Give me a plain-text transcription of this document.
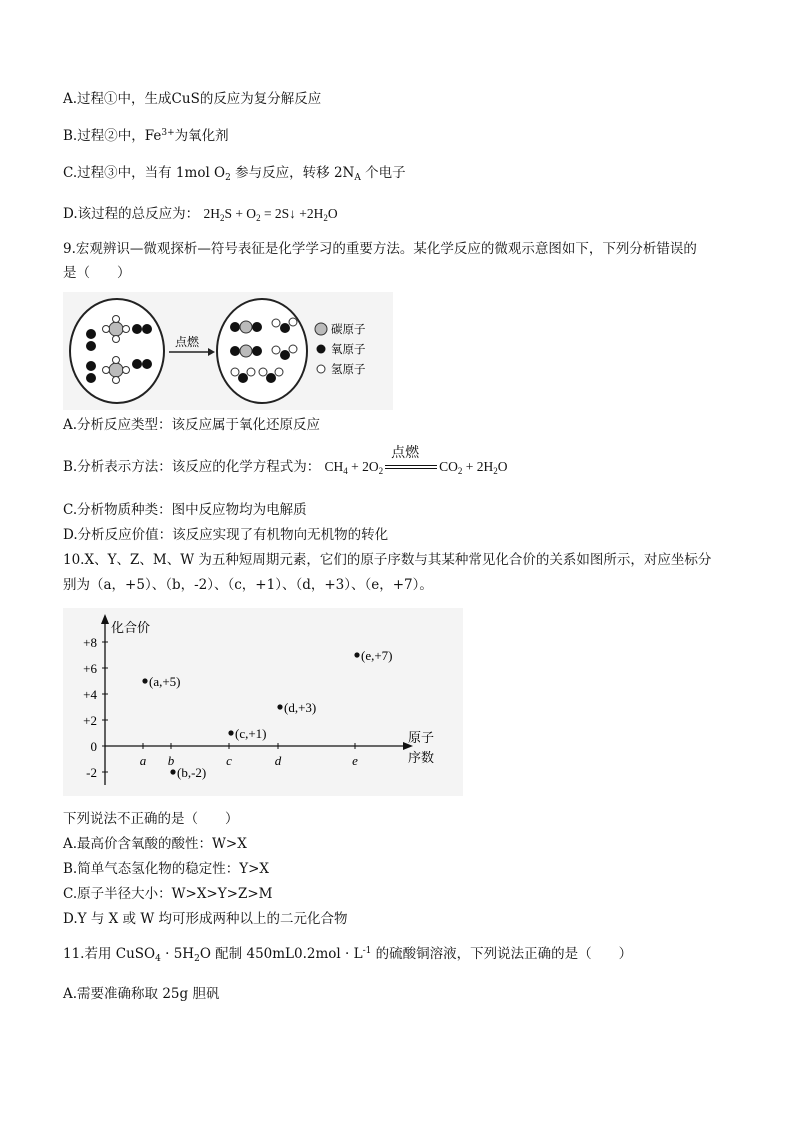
A.过程①中，生成CuS的反应为复分解反应
B.过程②中，$Fe^{3+}$为氧化剂
C.过程③中，当有 1mol $O_2$ 参与反应，转移 $2N_A$ 个电子
D.该过程的总反应为： $2H_2S + O_2$ = 2S↓ $+2H_2O$
9.宏观辨识—微观探析—符号表征是化学学习的重要方法。某化学反应的微观示意图如下，下列分析错误的
是（　　）
点燃
碳原子
氧原子
氢原子
A.分析反应类型：该反应属于氧化还原反应
B.分析表示方法：该反应的化学方程式为： $CH_4 + 2O_2$
点燃
$CO_2 + 2H_2O$
C.分析物质种类：图中反应物均为电解质
D.分析反应价值：该反应实现了有机物向无机物的转化
10.X、Y、Z、M、W 为五种短周期元素，它们的原子序数与其某种常见化合价的关系如图所示，对应坐标分
别为（a，+5）、（b，-2）、（c，+1）、（d，+3）、（e，+7）。
化合价
原子
序数
+8
+6
+4
+2
0
-2
a b	c	d	e
(a,+5)
(b,-2)
(c,+1)
(d,+3)
(e,+7)
下列说法不正确的是（　　）
A.最高价含氧酸的酸性：W>X
B.简单气态氢化物的稳定性：Y>X
C.原子半径大小：W>X>Y>Z>M
D.Y 与 X 或 W 均可形成两种以上的二元化合物
11.若用 CuSO$_4$ · $5H_2O$ 配制 $450mL0.2mol \cdot L^{-1}$ 的硫酸铜溶液，下列说法正确的是（　　）
A.需要准确称取 25g 胆矾
